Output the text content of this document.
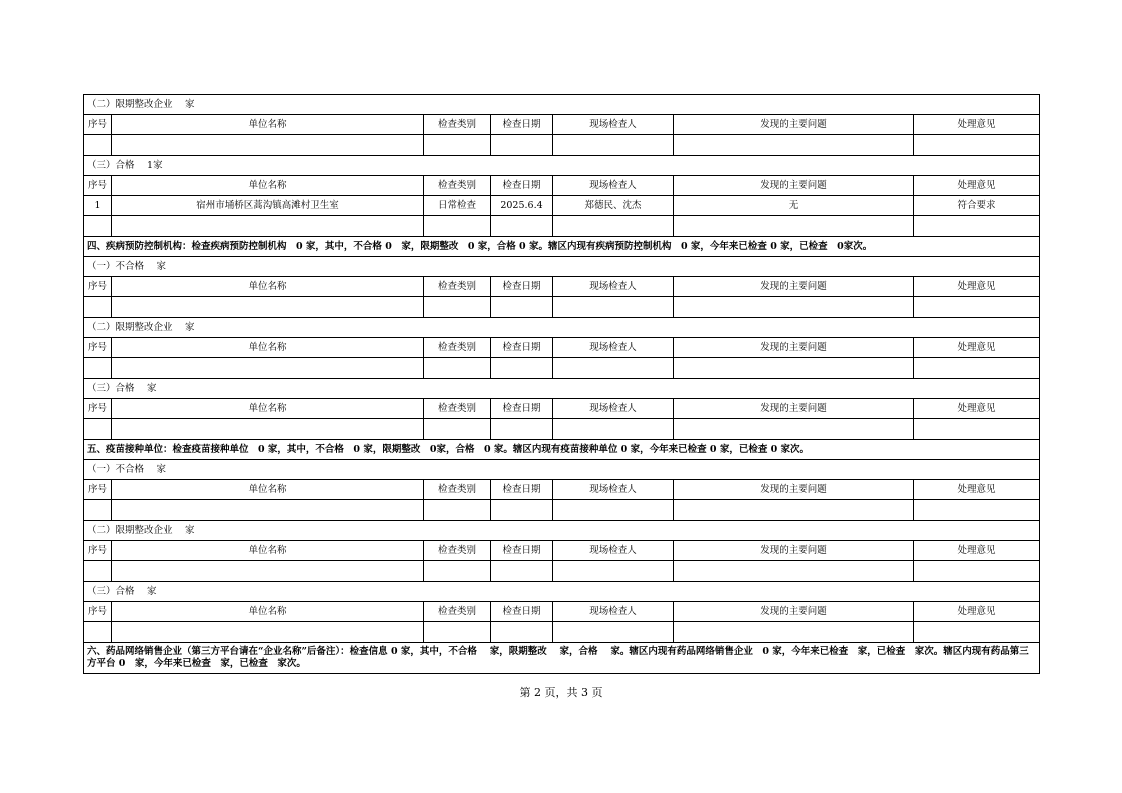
（二）限期整改企业　 家						
序号	单位名称	检查类别	检查日期	现场检查人	发现的主要问题	处理意见

（三）合格　 1家						
序号	单位名称	检查类别	检查日期	现场检查人	发现的主要问题	处理意见
1	宿州市埇桥区蒿沟镇高滩村卫生室	日常检查	2025.6.4	郑德民、沈杰	无	符合要求

四、疾病预防控制机构：检查疾病预防控制机构　0 家，其中，不合格 0　家，限期整改　0 家，合格 0 家。辖区内现有疾病预防控制机构　0 家，今年来已检查 0 家，已检查　0家次。						
（一）不合格　 家						
序号	单位名称	检查类别	检查日期	现场检查人	发现的主要问题	处理意见

（二）限期整改企业　 家						
序号	单位名称	检查类别	检查日期	现场检查人	发现的主要问题	处理意见

（三）合格　 家						
序号	单位名称	检查类别	检查日期	现场检查人	发现的主要问题	处理意见

五、疫苗接种单位：检查疫苗接种单位　0 家，其中，不合格　0 家，限期整改　0家，合格　0 家。辖区内现有疫苗接种单位 0 家，今年来已检查 0 家，已检查 0 家次。						
（一）不合格　 家						
序号	单位名称	检查类别	检查日期	现场检查人	发现的主要问题	处理意见

（二）限期整改企业　 家						
序号	单位名称	检查类别	检查日期	现场检查人	发现的主要问题	处理意见

（三）合格　 家						
序号	单位名称	检查类别	检查日期	现场检查人	发现的主要问题	处理意见

六、药品网络销售企业（第三方平台请在“企业名称”后备注）：检查信息 0 家，其中，不合格　 家，限期整改　 家，合格　 家。辖区内现有药品网络销售企业　0 家，今年来已检查　家，已检查　家次。辖区内现有药品第三方平台 0　家，今年来已检查　家，已检查　家次。						
第 2 页，共 3 页
